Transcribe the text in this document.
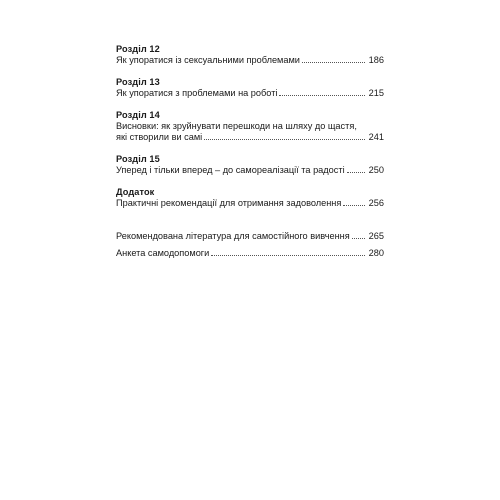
Розділ 12
Як упоратися із сексуальними проблемами	186
Розділ 13
Як упоратися з проблемами на роботі	215
Розділ 14
Висновки: як зруйнувати перешкоди на шляху до щастя,
які створили ви самі	241
Розділ 15
Уперед і тільки вперед – до самореалізації та радості	250
Додаток
Практичні рекомендації для отримання задоволення	256
Рекомендована література для самостійного вивчення 265
Анкета самодопомоги	280
